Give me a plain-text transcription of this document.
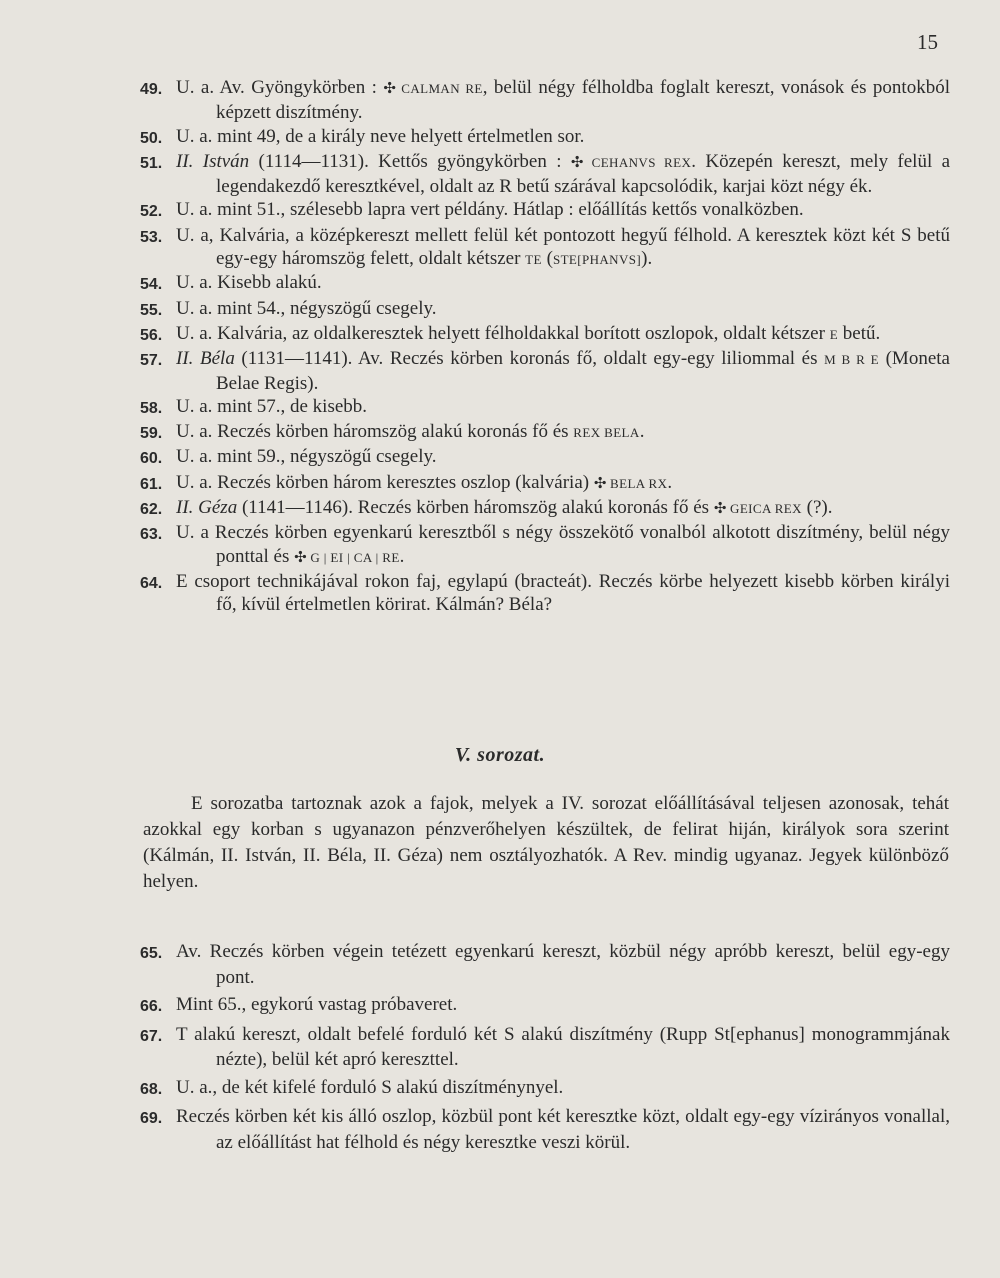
15
49. U. a. Av. Gyöngykörben : ✣ CALMAN RE, belül négy félholdba foglalt kereszt, vonások és pontokból képzett diszítmény.
50. U. a. mint 49, de a király neve helyett értelmetlen sor.
51. II. István (1114—1131). Kettős gyöngykörben : ✣ CEHANVS REX. Közepén kereszt, mely felül a legendakezdő keresztkével, oldalt az R betű szárával kapcsolódik, karjai közt négy ék.
52. U. a. mint 51., szélesebb lapra vert példány. Hátlap : előállítás kettős vonalközben.
53. U. a, Kalvária, a középkereszt mellett felül két pontozott hegyű félhold. A keresztek közt két S betű egy-egy háromszög felett, oldalt kétszer TE (STE[PHANVS]).
54. U. a. Kisebb alakú.
55. U. a. mint 54., négyszögű csegely.
56. U. a. Kalvária, az oldalkeresztek helyett félholdakkal borított oszlopok, oldalt kétszer E betű.
57. II. Béla (1131—1141). Av. Reczés körben koronás fő, oldalt egy-egy liliommal és M B R E (Moneta Belae Regis).
58. U. a. mint 57., de kisebb.
59. U. a. Reczés körben háromszög alakú koronás fő és REX BELA.
60. U. a. mint 59., négyszögű csegely.
61. U. a. Reczés körben három keresztes oszlop (kalvária) ✣ BELA RX.
62. II. Géza (1141—1146). Reczés körben háromszög alakú koronás fő és ✣ GEICA REX (?).
63. U. a Reczés körben egyenkarú keresztből s négy összekötő vonalból alkotott diszítmény, belül négy ponttal és ✣ G | EI | CA | RE.
64. E csoport technikájával rokon faj, egylapú (bracteát). Reczés körbe helyezett kisebb körben királyi fő, kívül értelmetlen körirat. Kálmán? Béla?
V. sorozat.

E sorozatba tartoznak azok a fajok, melyek a IV. sorozat előállításával teljesen azonosak, tehát azokkal egy korban s ugyanazon pénzverőhelyen készültek, de felirat hiján, királyok sora szerint (Kálmán, II. István, II. Béla, II. Géza) nem osztályozhatók. A Rev. mindig ugyanaz. Jegyek különböző helyen.

65. Av. Reczés körben végein tetézett egyenkarú kereszt, közbül négy apróbb kereszt, belül egy-egy pont.
66. Mint 65., egykorú vastag próbaveret.
67. T alakú kereszt, oldalt befelé forduló két S alakú diszítmény (Rupp St[ephanus] monogrammjának nézte), belül két apró kereszttel.
68. U. a., de két kifelé forduló S alakú diszítménynyel.
69. Reczés körben két kis álló oszlop, közbül pont két keresztke közt, oldalt egy-egy vízirányos vonallal, az előállítást hat félhold és négy keresztke veszi körül.
